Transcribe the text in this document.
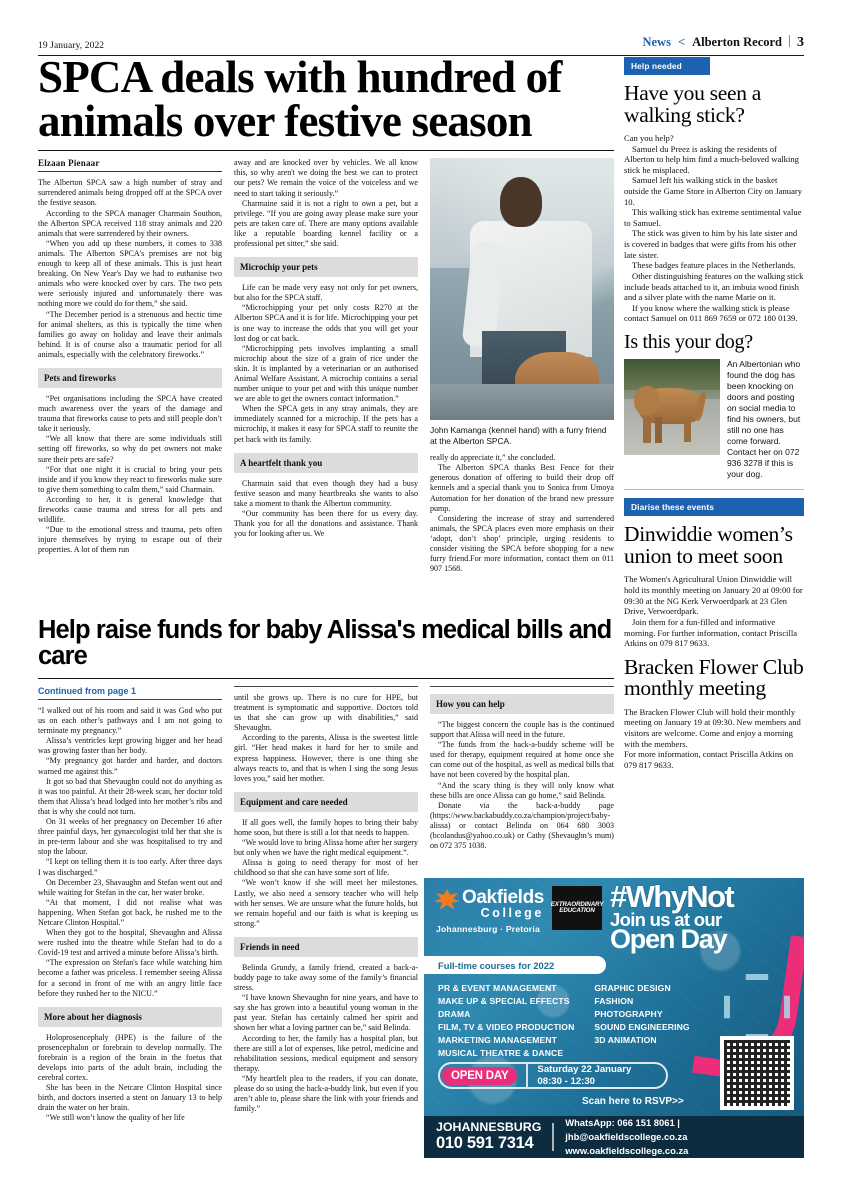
19 January, 2022	News < Alberton Record 3
SPCA deals with hundred of animals over festive season
Elzaan Pienaar

The Alberton SPCA saw a high number of stray and surrendered animals being dropped off at the SPCA over the festive season.

According to the SPCA manager Charmain Southon, the Alberton SPCA received 118 stray animals and 220 animals that were surrendered by their owners.

“When you add up these numbers, it comes to 338 animals. The Alberton SPCA's premises are not big enough to keep all of these animals. This is just heart breaking. On New Year's Day we had to euthanise two animals who were knocked over by cars. The two pets were seriously injured and unfortunately there was nothing more we could do for them,” she said.

“The December period is a strenuous and hectic time for animal shelters, as this is typically the time when families go away on holiday and leave their animals behind. It is of course also a traumatic period for all animals, especially with the celebratory fireworks.”

Pets and fireworks

“Pet organisations including the SPCA have created much awareness over the years of the damage and trauma that fireworks cause to pets and still people don’t take it seriously.

“We all know that there are some individuals still setting off fireworks, so why do pet owners not make sure their pets are safe?

“For that one night it is crucial to bring your pets inside and if you know they react to fireworks make sure to give them something to calm them,” said Charmain.

According to her, it is general knowledge that fireworks cause trauma and stress for all pets and wildlife.

“Due to the emotional stress and trauma, pets often injure themselves by trying to escape out of their properties. A lot of them run

away and are knocked over by vehicles. We all know this, so why aren't we doing the best we can to protect our pets? We remain the voice of the voiceless and we need to start taking it seriously.”

Charmaine said it is not a right to own a pet, but a privilege. “If you are going away please make sure your pets are taken care of. There are many options available like a reputable boarding kennel facility or a professional pet sitter,” she said.

Microchip your pets

Life can be made very easy not only for pet owners, but also for the SPCA staff.

“Microchipping your pet only costs R270 at the Alberton SPCA and it is for life. Microchipping your pet is one way to increase the odds that you will get your lost dog or cat back.

“Microchipping pets involves implanting a small microchip about the size of a grain of rice under the skin. It is implanted by a veterinarian or an authorised Animal Welfare Assistant. A microchip contains a serial number unique to your pet and with this unique number we are able to get the owners contact information.”

When the SPCA gets in any stray animals, they are immediately scanned for a microchip. If the pets has a microchip, it makes it easy for SPCA staff to reunite the pet back with its family.

A heartfelt thank you

Charmain said that even though they had a busy festive season and many heartbreaks she wants to also take a moment to thank the Alberton community.

“Our community has been there for us every day. Thank you for all the donations and assistance. Thank you for looking after us. We

John Kamanga (kennel hand) with a furry friend at the Alberton SPCA.

really do appreciate it,” she concluded.

The Alberton SPCA thanks Best Fence for their generous donation of offering to build their drop off kennels and a special thank you to Sonica from Umoya Automation for her donation of the brand new pressure pump.

Considering the increase of stray and surrendered animals, the SPCA places even more emphasis on their ‘adopt, don’t shop’ principle, urging residents to consider visiting the SPCA before shopping for a new furry friend.For more information, contact them on 011 907 1568.

Help raise funds for baby Alissa's medical bills and care
Continued from page 1

“I walked out of his room and said it was God who put us on each other’s pathways and I am not going to terminate my pregnancy.”

Alissa’s ventricles kept growing bigger and her head was growing faster than her body.

“My pregnancy got harder and harder, and doctors warned me against this.”

It got so bad that Shevaughn could not do anything as it was too painful. At their 28-week scan, her doctor told them that Alissa’s head lodged into her mother’s ribs and that is why she could not turn.

On 31 weeks of her pregnancy on December 16 after three painful days, her gynaecologist told her that she is in pre-term labour and she was hospitalised to try and stop the labour.

“I kept on telling them it is too early. After three days I was discharged.”

On December 23, Shavaughn and Stefan went out and while waiting for Stefan in the car, her water broke.

“At that moment, I did not realise what was happening. When Stefan got back, he rushed me to the Netcare Clinton Hospital.”

When they got to the hospital, Shevaughn and Alissa were rushed into the theatre while Stefan had to do a Covid-19 test and arrived a minute before Alissa’s birth.

“The expression on Stefan's face while watching him become a father was priceless. I remember seeing Alissa for a second in front of me with an angry little face before they rushed her to the NICU.”

More about her diagnosis

Holoprosencephaly (HPE) is the failure of the prosencephalon or forebrain to develop normally. The forebrain is a region of the brain in the foetus that develops into parts of the adult brain, including the cerebral cortex.

She has been in the Netcare Clinton Hospital since birth, and doctors inserted a stent on January 13 to help drain the water on her brain.

“We still won’t know the quality of her life

until she grows up. There is no cure for HPE, but treatment is symptomatic and supportive. Doctors told us that she can grow up with disabilities,” said Shevaughn.

According to the parents, Alissa is the sweetest little girl. “Her head makes it hard for her to smile and express happiness. However, there is one thing she always reacts to, and that is when I sing the song Jesus loves you,” said her mother.

Equipment and care needed

If all goes well, the family hopes to bring their baby home soon, but there is still a lot that needs to happen.

“We would love to bring Alissa home after her surgery but only when we have the right medical equipment.”.

Alissa is going to need therapy for most of her childhood so that she can have some sort of life.

“We won’t know if she will meet her milestones. Lastly, we also need a sensory teacher who will help with her senses. We are unsure what the future holds, but we remain hopeful and our faith is what is keeping us strong.”

Friends in need

Belinda Grundy, a family friend, created a back-a-buddy page to take away some of the family’s financial stress.

“I have known Shevaughn for nine years, and have to say she has grown into a beautiful young woman in the past year. Stefan has certainly calmed her spirit and shown her what a loving partner can be,” said Belinda.

According to her, the family has a hospital plan, but there are still a lot of expenses, like petrol, medicine and rehabilitation sessions, medical equipment and sensory therapy.

“My heartfelt plea to the readers, if you can donate, please do so using the back-a-buddy link, but even if you aren’t able to, please share the link with your friends and family.”

How you can help

“The biggest concern the couple has is the continued support that Alissa will need in the future.

“The funds from the back-a-buddy scheme will be used for therapy, equipment required at home once she can come out of the hospital, as well as medical bills that have not been covered by the hospital plan.

“And the scary thing is they will only know what these bills are once Alissa can go home,” said Belinda.

Donate via the back-a-buddy page (https://www.backabuddy.co.za/champion/project/baby-alissa) or contact Belinda on 064 680 3003 (bcolandus@yahoo.co.uk) or Cathy (Shevaughn’s mum) on 072 375 1038.

Help needed
Have you seen a walking stick?

Can you help?

Samuel du Preez is asking the residents of Alberton to help him find a much-beloved walking stick he misplaced.

Samuel left his walking stick in the basket outside the Game Store in Alberton City on January 10.

This walking stick has extreme sentimental value to Samuel.

The stick was given to him by his late sister and is covered in badges that were gifts from his other late sister.

These badges feature places in the Netherlands.

Other distinguishing features on the walking stick include beads attached to it, an imbuia wood finish and a silver plate with the name Marie on it.

If you know where the walking stick is please contact Samuel on 011 869 7659 or 072 180 0139.

Is this your dog?
An Albertonian who found the dog has been knocking on doors and posting on social media to find his owners, but still no one has come forward. Contact her on 072 936 3278 if this is your dog.
Diarise these events
Dinwiddie women’s union to meet soon

The Women's Agricultural Union Dinwiddie will hold its monthly meeting on January 20 at 09:00 for 09:30 at the NG Kerk Verwoerdpark at 23 Glen Drive, Verwoerdpark.

Join them for a fun-filled and informative morning. For further information, contact Priscilla Atkins on 079 817 9633.

Bracken Flower Club monthly meeting

The Bracken Flower Club will hold their monthly meeting on January 19 at 09:30. New members and visitors are welcome. Come and enjoy a morning with the members.

For more information, contact Priscilla Atkins on 079 817 9633.

Oakfields
College
Johannesburg · Pretoria
EXTRAORDINARY EDUCATION #WhyNot
Join us at our
Open Day
Full-time courses for 2022
PR & EVENT MANAGEMENT
MAKE UP & SPECIAL EFFECTS
DRAMA
FILM, TV & VIDEO PRODUCTION
MARKETING MANAGEMENT
MUSICAL THEATRE & DANCE
GRAPHIC DESIGN
FASHION
PHOTOGRAPHY
SOUND ENGINEERING
3D ANIMATION
OPEN DAY	Saturday 22 January
08:30 - 12:30
Scan here to RSVP>>
JOHANNESBURG
010 591 7314
WhatsApp: 066 151 8061 | jhb@oakfieldscollege.co.za
www.oakfieldscollege.co.za
